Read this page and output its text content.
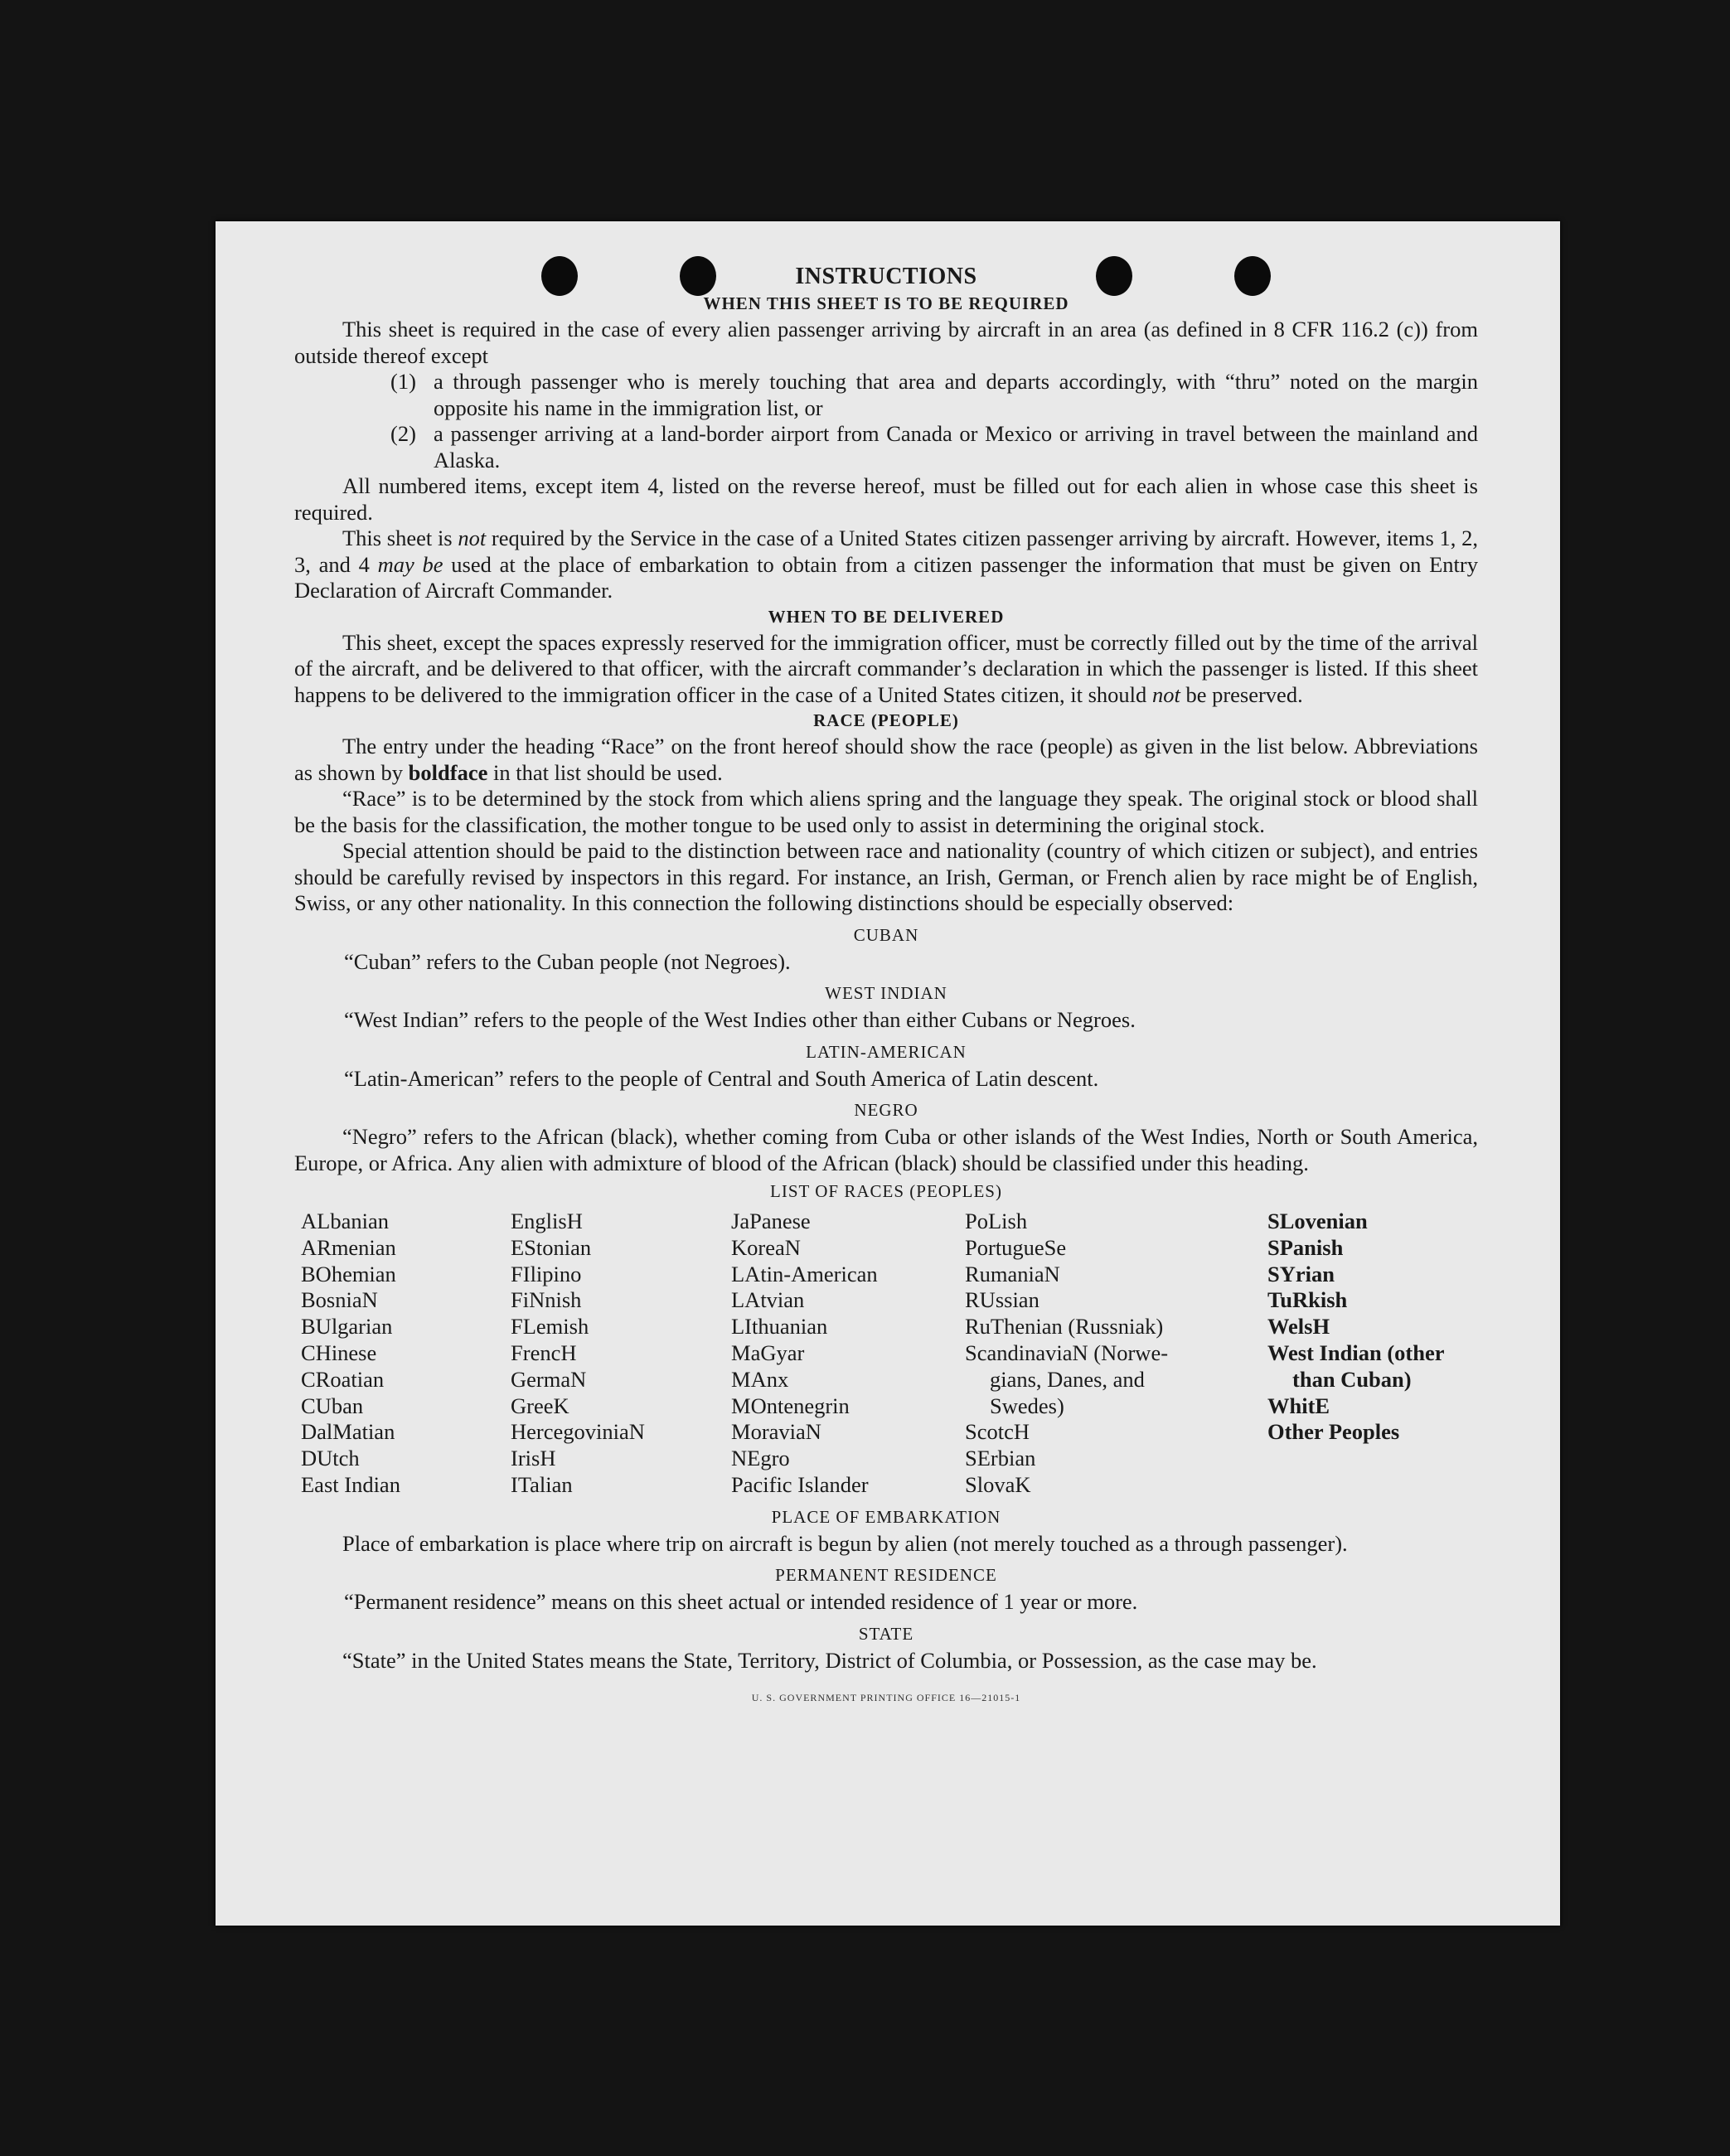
INSTRUCTIONS
WHEN THIS SHEET IS TO BE REQUIRED

This sheet is required in the case of every alien passenger arriving by aircraft in an area (as defined in 8 CFR 116.2 (c)) from outside thereof except

(1) a through passenger who is merely touching that area and departs accordingly, with “thru” noted on the margin opposite his name in the immigration list, or

(2) a passenger arriving at a land-border airport from Canada or Mexico or arriving in travel between the mainland and Alaska.

All numbered items, except item 4, listed on the reverse hereof, must be filled out for each alien in whose case this sheet is required.

This sheet is not required by the Service in the case of a United States citizen passenger arriving by aircraft. However, items 1, 2, 3, and 4 may be used at the place of embarkation to obtain from a citizen passenger the information that must be given on Entry Declaration of Aircraft Commander.

WHEN TO BE DELIVERED

This sheet, except the spaces expressly reserved for the immigration officer, must be correctly filled out by the time of the arrival of the aircraft, and be delivered to that officer, with the aircraft commander’s declaration in which the passenger is listed. If this sheet happens to be delivered to the immigration officer in the case of a United States citizen, it should not be preserved.

RACE (PEOPLE)

The entry under the heading “Race” on the front hereof should show the race (people) as given in the list below. Abbreviations as shown by boldface in that list should be used.

“Race” is to be determined by the stock from which aliens spring and the language they speak. The original stock or blood shall be the basis for the classification, the mother tongue to be used only to assist in determining the original stock.

Special attention should be paid to the distinction between race and nationality (country of which citizen or subject), and entries should be carefully revised by inspectors in this regard. For instance, an Irish, German, or French alien by race might be of English, Swiss, or any other nationality. In this connection the following distinctions should be especially observed:

CUBAN
“Cuban” refers to the Cuban people (not Negroes).
WEST INDIAN
“West Indian” refers to the people of the West Indies other than either Cubans or Negroes.
LATIN-AMERICAN
“Latin-American” refers to the people of Central and South America of Latin descent.
NEGRO

“Negro” refers to the African (black), whether coming from Cuba or other islands of the West Indies, North or South America, Europe, or Africa. Any alien with admixture of blood of the African (black) should be classified under this heading.

LIST OF RACES (PEOPLES)
ALbanian
ARmenian
BOhemian
BosniaN
BUlgarian
CHinese
CRoatian
CUban
DalMatian
DUtch
East Indian
EnglisH
EStonian
FIlipino
FiNnish
FLemish
FrencH
GermaN
GreeK
HercegoviniaN
IrisH
ITalian
JaPanese
KoreaN
LAtin-American
LAtvian
LIthuanian
MaGyar
MAnx
MOntenegrin
MoraviaN
NEgro
Pacific Islander
PoLish
PortugueSe
RumaniaN
RUssian
RuThenian (Russniak)
ScandinaviaN (Norwe-
gians, Danes, and
Swedes)
ScotcH
SErbian
SlovaK
SLovenian
SPanish
SYrian
TuRkish
WelsH
West Indian (other
than Cuban)
WhitE
Other Peoples
PLACE OF EMBARKATION

Place of embarkation is place where trip on aircraft is begun by alien (not merely touched as a through passenger).

PERMANENT RESIDENCE
“Permanent residence” means on this sheet actual or intended residence of 1 year or more.
STATE

“State” in the United States means the State, Territory, District of Columbia, or Possession, as the case may be.

U. S. GOVERNMENT PRINTING OFFICE 16—21015-1
